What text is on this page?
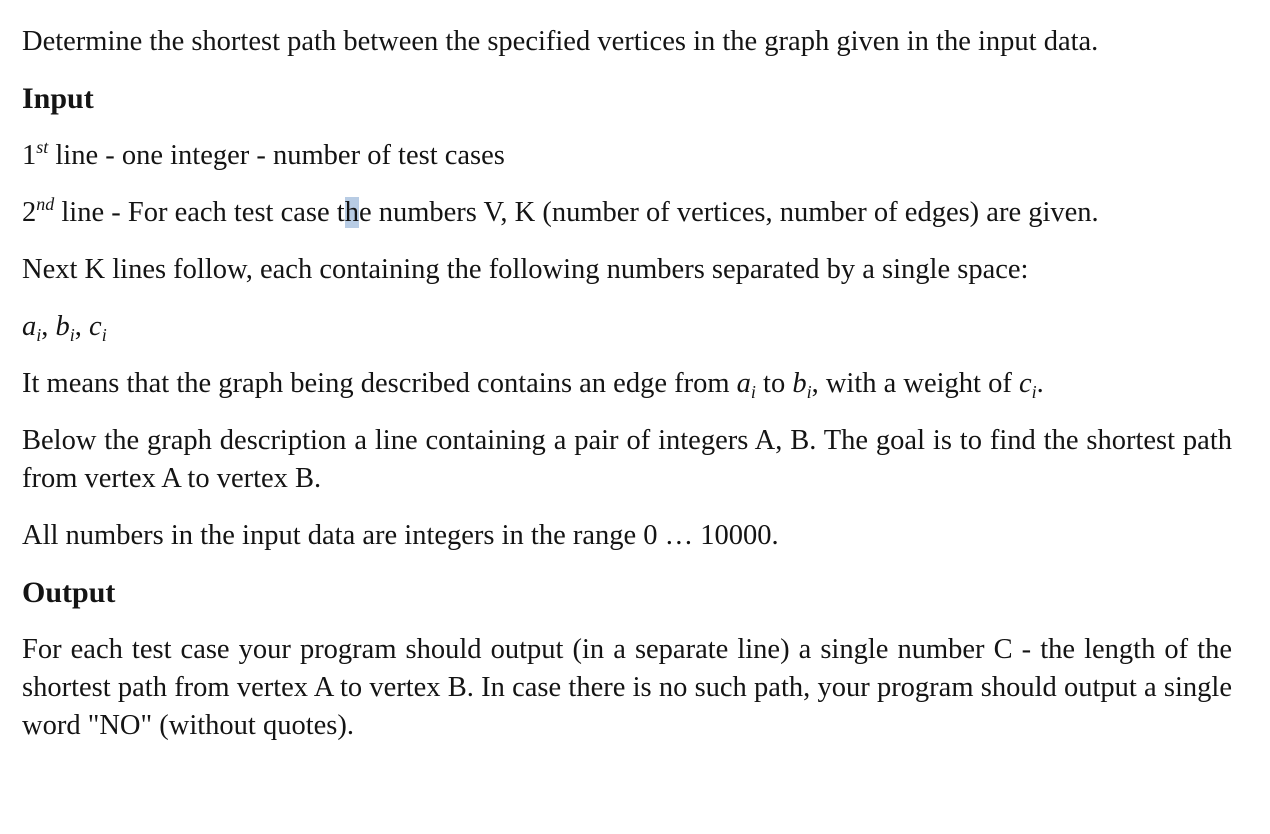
Determine the shortest path between the specified vertices in the graph given in the input data.

Input

1st line - one integer - number of test cases

2nd line - For each test case the numbers V, K (number of vertices, number of edges) are given.

Next K lines follow, each containing the following numbers separated by a single space:

$a_i$, $b_i$, $c_i$

It means that the graph being described contains an edge from $a_i$ to $b_i$, with a weight of $c_i$.

Below the graph description a line containing a pair of integers A, B. The goal is to find the shortest path from vertex A to vertex B.

All numbers in the input data are integers in the range 0 … 10000.

Output

For each test case your program should output (in a separate line) a single number C - the length of the shortest path from vertex A to vertex B. In case there is no such path, your program should output a single word "NO" (without quotes).
